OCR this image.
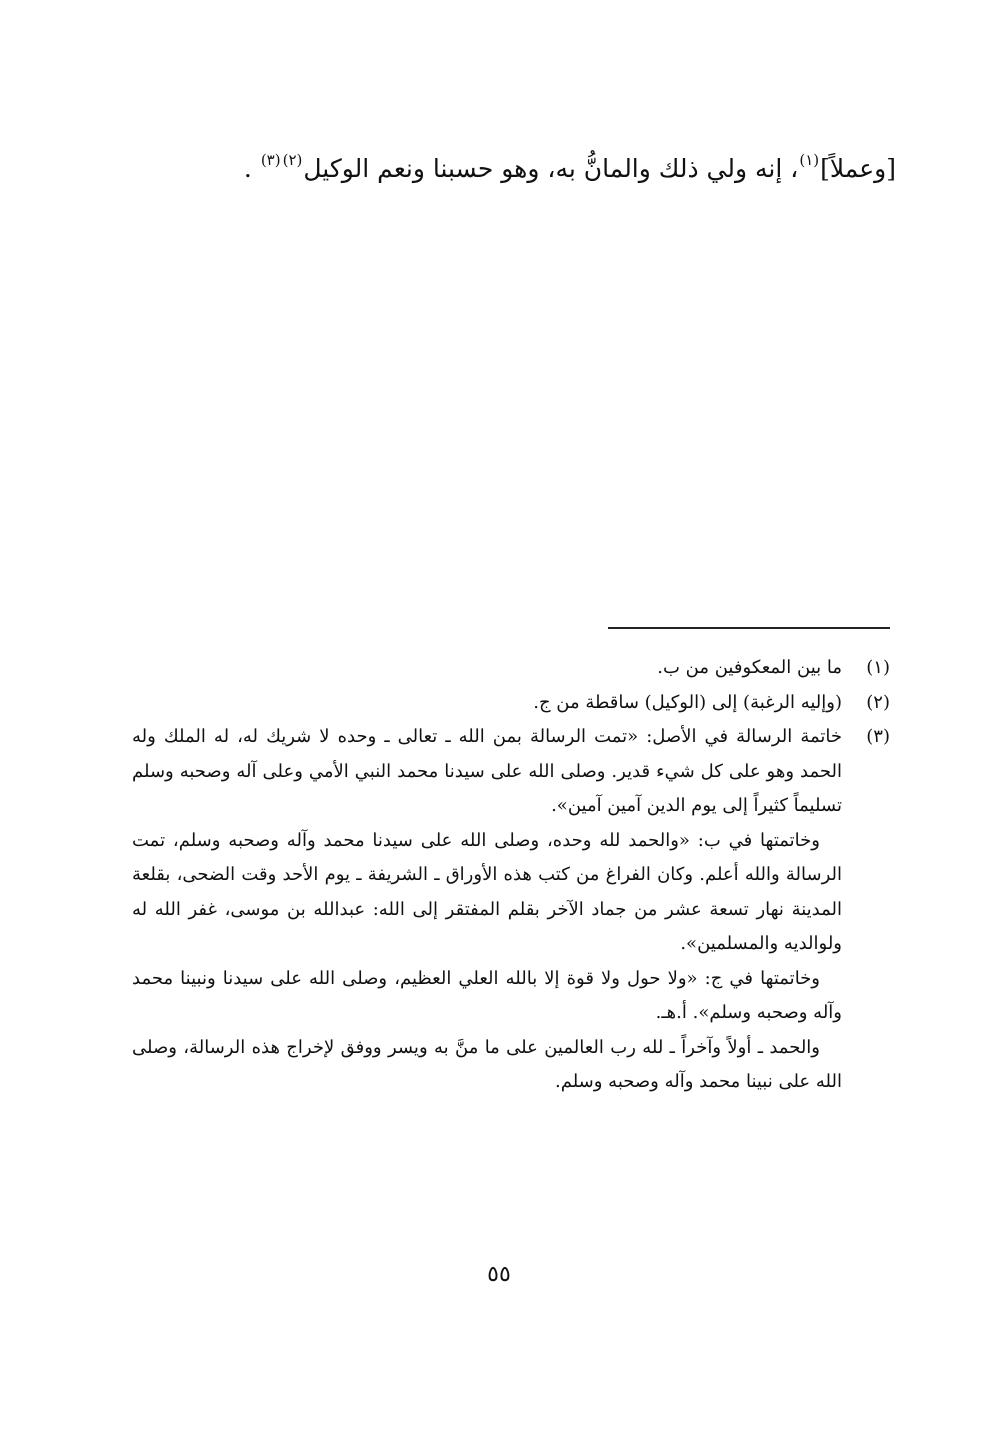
[وعملاً]$^{(١)}$، إنه ولي ذلك والمانُّ به، وهو حسبنا ونعم الوكيل$^{(٢)(٣)}$ .
(١)

ما بين المعكوفين من ب.

(٢)

(وإليه الرغبة) إلى (الوكيل) ساقطة من ج.

(٣)

خاتمة الرسالة في الأصل: «تمت الرسالة بمن الله ـ تعالى ـ وحده لا شريك له، له الملك وله الحمد وهو على كل شيء قدير. وصلى الله على سيدنا محمد النبي الأمي وعلى آله وصحبه وسلم تسليماً كثيراً إلى يوم الدين آمين آمين».

وخاتمتها في ب: «والحمد لله وحده، وصلى الله على سيدنا محمد وآله وصحبه وسلم، تمت الرسالة والله أعلم. وكان الفراغ من كتب هذه الأوراق ـ الشريفة ـ يوم الأحد وقت الضحى، بقلعة المدينة نهار تسعة عشر من جماد الآخر بقلم المفتقر إلى الله: عبدالله بن موسى، غفر الله له ولوالديه والمسلمين».

وخاتمتها في ج: «ولا حول ولا قوة إلا بالله العلي العظيم، وصلى الله على سيدنا ونبينا محمد وآله وصحبه وسلم». أ.هـ.

والحمد ـ أولاً وآخراً ـ لله رب العالمين على ما منَّ به ويسر ووفق لإخراج هذه الرسالة، وصلى الله على نبينا محمد وآله وصحبه وسلم.

٥٥
